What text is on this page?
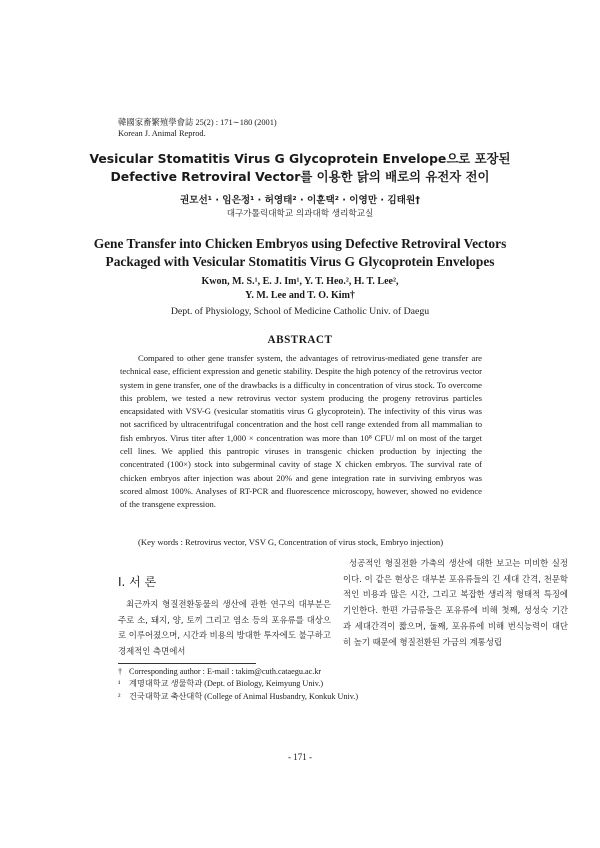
韓國家畜繁殖學會誌 25(2) : 171∼180 (2001)
Korean J. Animal Reprod.
Vesicular Stomatitis Virus G Glycoprotein Envelope으로 포장된
Defective Retroviral Vector를 이용한 닭의 배로의 유전자 전이
권모선¹ · 임은정¹ · 허영태² · 이훈택² · 이영만 · 김태원†
대구가톨릭대학교 의과대학 생리학교실
Gene Transfer into Chicken Embryos using Defective Retroviral Vectors
Packaged with Vesicular Stomatitis Virus G Glycoprotein Envelopes
Kwon, M. S.¹, E. J. Im¹, Y. T. Heo.², H. T. Lee²,
Y. M. Lee and T. O. Kim†
Dept. of Physiology, School of Medicine Catholic Univ. of Daegu
ABSTRACT

Compared to other gene transfer system, the advantages of retrovirus-mediated gene transfer are technical ease, efficient expression and genetic stability. Despite the high potency of the retrovirus vector system in gene transfer, one of the drawbacks is a difficulty in concentration of virus stock. To overcome this problem, we tested a new retrovirus vector system producing the progeny retrovirus particles encapsidated with VSV-G (vesicular stomatitis virus G glycoprotein). The infectivity of this virus was not sacrificed by ultracentrifugal concentration and the host cell range extended from all mammalian to fish embryos. Virus titer after 1,000 × concentration was more than 10⁸ CFU/ ml on most of the target cell lines. We applied this pantropic viruses in transgenic chicken production by injecting the concentrated (100×) stock into subgerminal cavity of stage X chicken embryos. The survival rate of chicken embryos after injection was about 20% and gene integration rate in surviving embryos was scored almost 100%. Analyses of RT-PCR and fluorescence microscopy, however, showed no evidence of the transgene expression.

(Key words : Retrovirus vector, VSV G, Concentration of virus stock, Embryo injection)
Ⅰ. 서 론

최근까지 형질전환동물의 생산에 관한 연구의 대부분은 주로 소, 돼지, 양, 토끼 그리고 염소 등의 포유류를 대상으로 이루어졌으며, 시간과 비용의 방대한 투자에도 불구하고 경제적인 측면에서

성공적인 형질전환 가축의 생산에 대한 보고는 미비한 실정이다. 이 같은 현상은 대부분 포유류들의 긴 세대 간격, 천문학적인 비용과 많은 시간, 그리고 복잡한 생리적 형태적 특징에 기인한다. 한편 가금류들은 포유류에 비해 첫째, 성성숙 기간과 세대간격이 짧으며, 둘째, 포유류에 비해 번식능력이 대단히 높기 때문에 형질전환된 가금의 계통성립

† Corresponding author : E-mail : takim@cuth.cataegu.ac.kr
¹ 계명대학교 생물학과 (Dept. of Biology, Keimyung Univ.)
² 건국대학교 축산대학 (College of Animal Husbandry, Konkuk Univ.)
- 171 -
